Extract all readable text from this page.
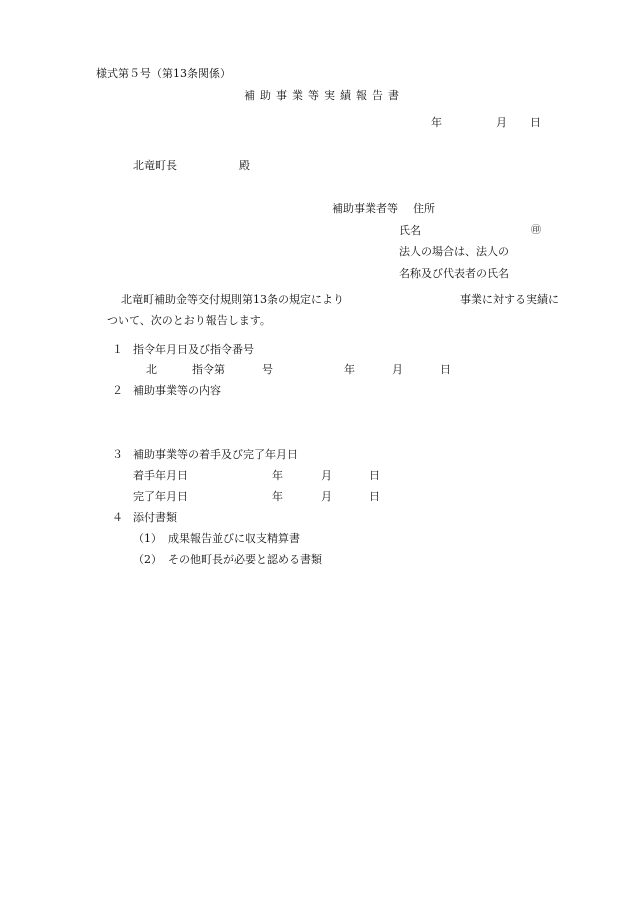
様式第５号（第13条関係）
補助事業等実績報告書
年	月 日
北竜町長	殿
補助事業者等 住所
氏名	㊞
法人の場合は、法人の
名称及び代表者の氏名
北竜町補助金等交付規則第13条の規定により	事業に対する実績に
ついて、次のとおり報告します。
１ 指令年月日及び指令番号
北	指令第	号	年	月	日
２ 補助事業等の内容
３ 補助事業等の着手及び完了年月日
着手年月日	年	月	日
完了年月日	年	月	日
４ 添付書類
（1） 成果報告並びに収支精算書
（2） その他町長が必要と認める書類
